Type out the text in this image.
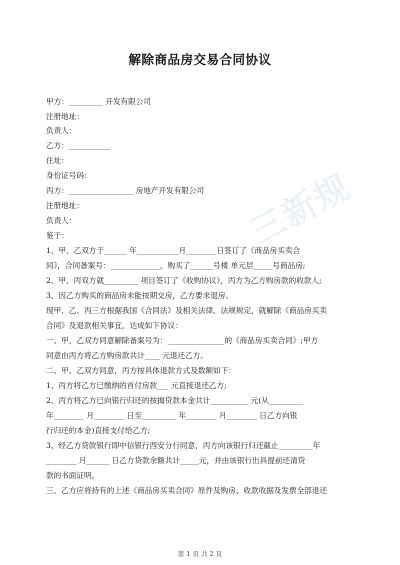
解除商品房交易合同协议
三新规
甲方：_________ 开发有限公司
注册地址：
负责人：
乙方：___________
住址：
身份证号码：
丙方：_________________ 房地产开发有限公司
注册地址：
负责人：
鉴于：
1、甲、乙双方于______ 年___________月________日签订了《商品房买卖合
同》，合同备案号：_____________，购买了______号楼 单元层_____号商品房;
2、甲、丙双方就_________ 项目签订了《收购协议》，丙方为乙方购房款的收款人;
3、因乙方购买的商品房未能按期交房，乙方要求退房。
现甲、乙、丙三方根据我国《合同法》及相关法律、法规规定，就解除《商品房买卖
合同》及退款相关事宜，达成如下协议：
一、甲、乙双方同意解除备案号为：_______________的《商品房买卖合同》;甲方
同意由丙方将乙方购房款共计____ 元退还乙方。
二、甲、乙双方同意，丙方按具体退款方式及数额如下：
1、丙方将乙方已缴纳的首付房款___ 元直接退还乙方;
2、丙方将乙方已向银行归还的按揭贷款本金共计__________ 元(从_________
年________ 月________ 日至_________ 年________ 月________ 日乙方向银
行归还的本金)直接支付给乙方;
3、经乙方贷款银行即中信银行西安分行同意，丙方向该银行归还截止_________年
________ 月______ 日乙方贷款余额共计_____元，并由该银行出具提前还清贷
款的书面证明。
三、乙方应将持有的上述《商品房买卖合同》原件及购房、收款收据及发票全部退还
第 1 页 共 2 页
